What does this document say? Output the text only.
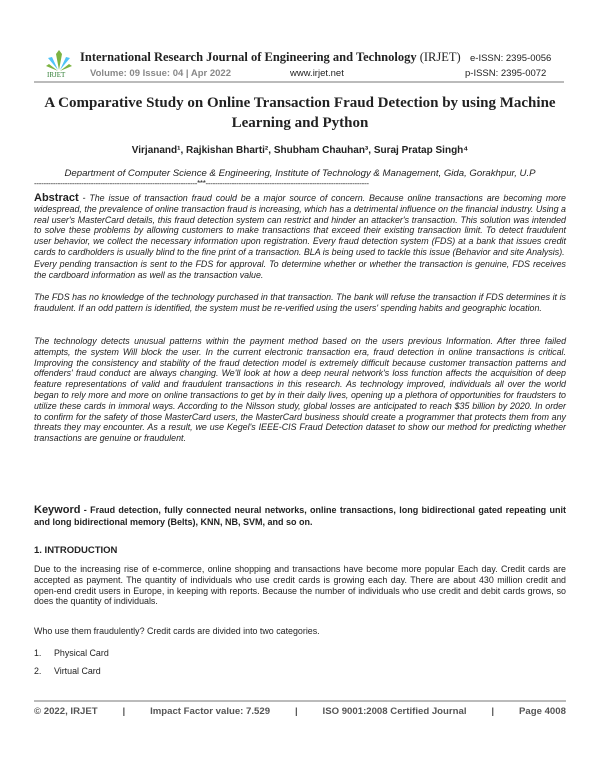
IRJET
International Research Journal of Engineering and Technology (IRJET) e-ISSN: 2395-0056
Volume: 09 Issue: 04 | Apr 2022	www.irjet.net	p-ISSN: 2395-0072
A Comparative Study on Online Transaction Fraud Detection by using Machine Learning and Python
Virjanand¹, Rajkishan Bharti², Shubham Chauhan³, Suraj Pratap Singh⁴
Department of Computer Science & Engineering, Institute of Technology & Management, Gida, Gorakhpur, U.P
---------------------------------------------------------------------***---------------------------------------------------------------------
Abstract - The issue of transaction fraud could be a major source of concern. Because online transactions are becoming more widespread, the prevalence of online transaction fraud is increasing, which has a detrimental influence on the financial industry. Using a real user's MasterCard details, this fraud detection system can restrict and hinder an attacker's transaction. This solution was intended to solve these problems by allowing customers to make transactions that exceed their existing transaction limit. To detect fraudulent user behavior, we collect the necessary information upon registration. Every fraud detection system (FDS) at a bank that issues credit cards to cardholders is usually blind to the fine print of a transaction. BLA is being used to tackle this issue (Behavior and site Analysis).
Every pending transaction is sent to the FDS for approval. To determine whether or whether the transaction is genuine, FDS receives the cardboard information as well as the transaction value.
The FDS has no knowledge of the technology purchased in that transaction. The bank will refuse the transaction if FDS determines it is fraudulent. If an odd pattern is identified, the system must be re-verified using the users' spending habits and geographic location.
The technology detects unusual patterns within the payment method based on the users previous Information. After three failed attempts, the system Will block the user. In the current electronic transaction era, fraud detection in online transactions is critical. Improving the consistency and stability of the fraud detection model is extremely difficult because customer transaction patterns and offenders' fraud conduct are always changing. We'll look at how a deep neural network's loss function affects the acquisition of deep feature representations of valid and fraudulent transactions in this research. As technology improved, individuals all over the world began to rely more and more on online transactions to get by in their daily lives, opening up a plethora of opportunities for fraudsters to utilize these cards in immoral ways. According to the Nilsson study, global losses are anticipated to reach $35 billion by 2020. In order to confirm for the safety of those MasterCard users, the MasterCard business should create a programmer that protects them from any threats they may encounter. As a result, we use Kegel's IEEE-CIS Fraud Detection dataset to show our method for predicting whether transactions are genuine or fraudulent.
Keyword - Fraud detection, fully connected neural networks, online transactions, long bidirectional gated repeating unit and long bidirectional memory (Belts), KNN, NB, SVM, and so on.
1. INTRODUCTION
Due to the increasing rise of e-commerce, online shopping and transactions have become more popular Each day. Credit cards are accepted as payment. The quantity of individuals who use credit cards is growing each day. There are about 430 million credit and open-end credit users in Europe, in keeping with reports. Because the number of individuals who use credit and debit cards grows, so does the quantity of individuals.
Who use them fraudulently? Credit cards are divided into two categories.
1. Physical Card
2. Virtual Card
© 2022, IRJET	|	Impact Factor value: 7.529	|	ISO 9001:2008 Certified Journal	|	Page 4008
